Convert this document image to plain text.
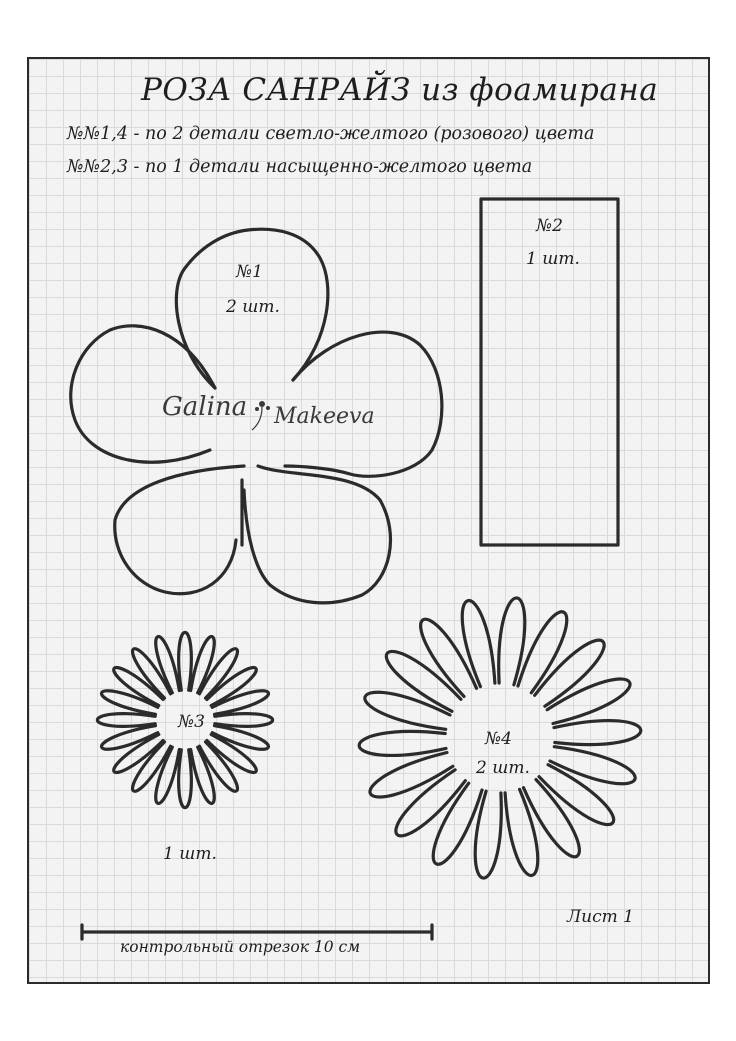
РОЗА САНРАЙЗ из фоамирана
№№1,4 - по 2 детали светло-желтого (розового) цвета
№№2,3 - по 1 детали насыщенно-желтого цвета
№1
2 шт.
№2
1 шт.
№3
1 шт.
№4
2 шт.
контрольный отрезок 10 см
Лист 1
Galina Makeeva
